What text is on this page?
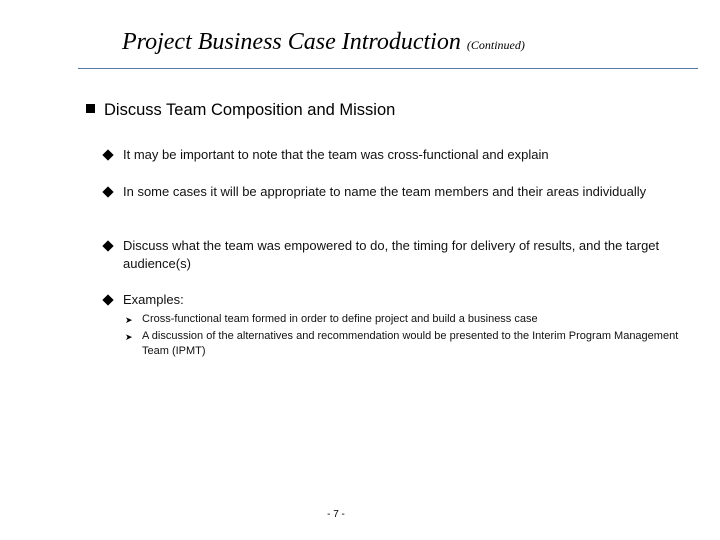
Project Business Case Introduction (Continued)
Discuss Team Composition and Mission
It may be important to note that the team was cross-functional and explain
In some cases it will be appropriate to name the team members and their areas individually
Discuss what the team was empowered to do, the timing for delivery of results, and the target audience(s)
Examples:
➤ Cross-functional team formed in order to define project and build a business case
➤ A discussion of the alternatives and recommendation would be presented to the Interim Program Management Team (IPMT)
- 7 -
